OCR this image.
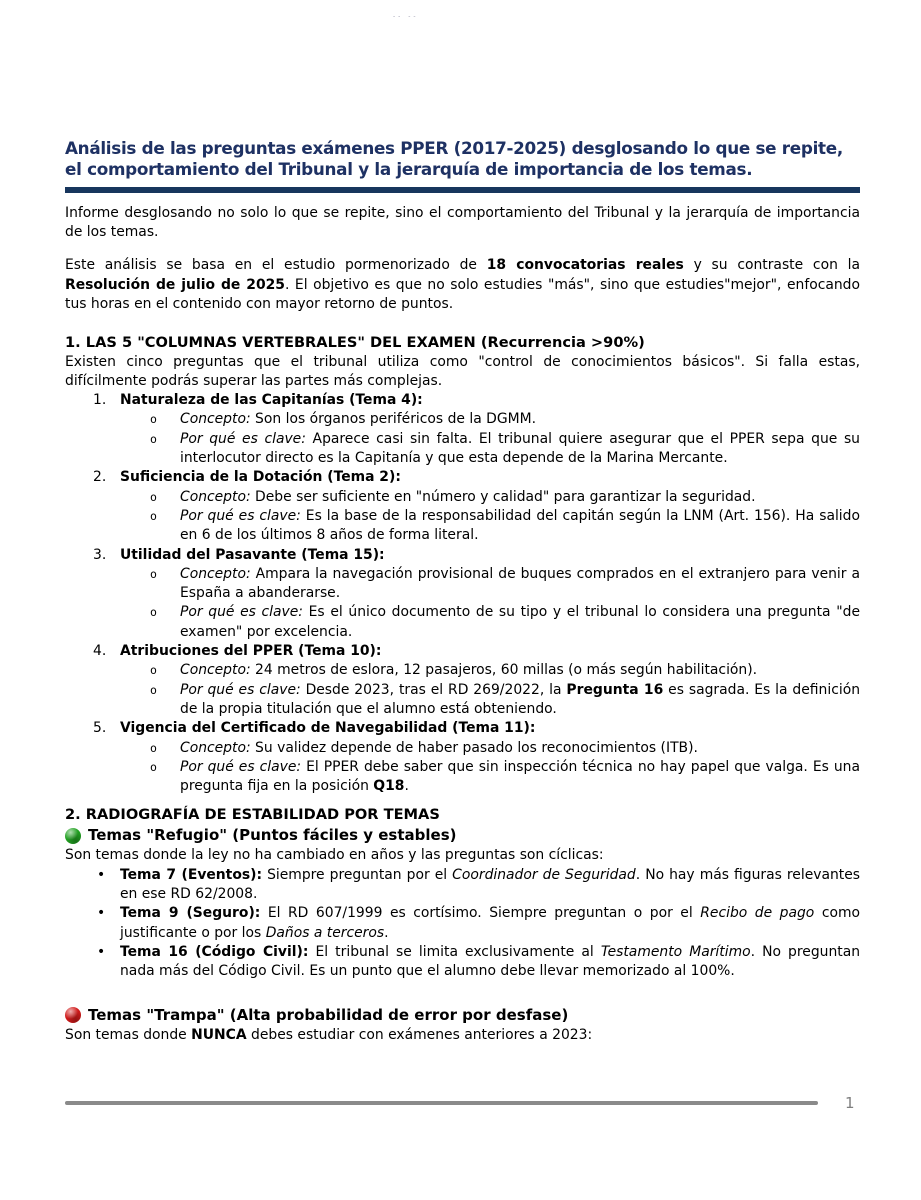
-- --
Análisis de las preguntas exámenes PPER (2017-2025) desglosando lo que se repite, el comportamiento del Tribunal y la jerarquía de importancia de los temas.

Informe desglosando no solo lo que se repite, sino el comportamiento del Tribunal y la jerarquía de importancia de los temas.

Este análisis se basa en el estudio pormenorizado de 18 convocatorias reales y su contraste con la Resolución de julio de 2025. El objetivo es que no solo estudies "más", sino que estudies"mejor", enfocando tus horas en el contenido con mayor retorno de puntos.

1. LAS 5 "COLUMNAS VERTEBRALES" DEL EXAMEN (Recurrencia >90%)

Existen cinco preguntas que el tribunal utiliza como "control de conocimientos básicos". Si falla estas, difícilmente podrás superar las partes más complejas.

1. Naturaleza de las Capitanías (Tema 4):
o	Concepto: Son los órganos periféricos de la DGMM.
o	Por qué es clave: Aparece casi sin falta. El tribunal quiere asegurar que el PPER sepa que su interlocutor directo es la Capitanía y que esta depende de la Marina Mercante.
2. Suficiencia de la Dotación (Tema 2):
o	Concepto: Debe ser suficiente en "número y calidad" para garantizar la seguridad.
o	Por qué es clave: Es la base de la responsabilidad del capitán según la LNM (Art. 156). Ha salido en 6 de los últimos 8 años de forma literal.
3. Utilidad del Pasavante (Tema 15):
o	Concepto: Ampara la navegación provisional de buques comprados en el extranjero para venir a España a abanderarse.
o	Por qué es clave: Es el único documento de su tipo y el tribunal lo considera una pregunta "de examen" por excelencia.
4. Atribuciones del PPER (Tema 10):
o	Concepto: 24 metros de eslora, 12 pasajeros, 60 millas (o más según habilitación).
o	Por qué es clave: Desde 2023, tras el RD 269/2022, la Pregunta 16 es sagrada. Es la definición de la propia titulación que el alumno está obteniendo.
5. Vigencia del Certificado de Navegabilidad (Tema 11):
o	Concepto: Su validez depende de haber pasado los reconocimientos (ITB).
o	Por qué es clave: El PPER debe saber que sin inspección técnica no hay papel que valga. Es una pregunta fija en la posición Q18.
2. RADIOGRAFÍA DE ESTABILIDAD POR TEMAS
Temas "Refugio" (Puntos fáciles y estables)

Son temas donde la ley no ha cambiado en años y las preguntas son cíclicas:

•	Tema 7 (Eventos): Siempre preguntan por el Coordinador de Seguridad. No hay más figuras relevantes en ese RD 62/2008.
•	Tema 9 (Seguro): El RD 607/1999 es cortísimo. Siempre preguntan o por el Recibo de pago como justificante o por los Daños a terceros.
•	Tema 16 (Código Civil): El tribunal se limita exclusivamente al Testamento Marítimo. No preguntan nada más del Código Civil. Es un punto que el alumno debe llevar memorizado al 100%.
Temas "Trampa" (Alta probabilidad de error por desfase)

Son temas donde NUNCA debes estudiar con exámenes anteriores a 2023:

1
